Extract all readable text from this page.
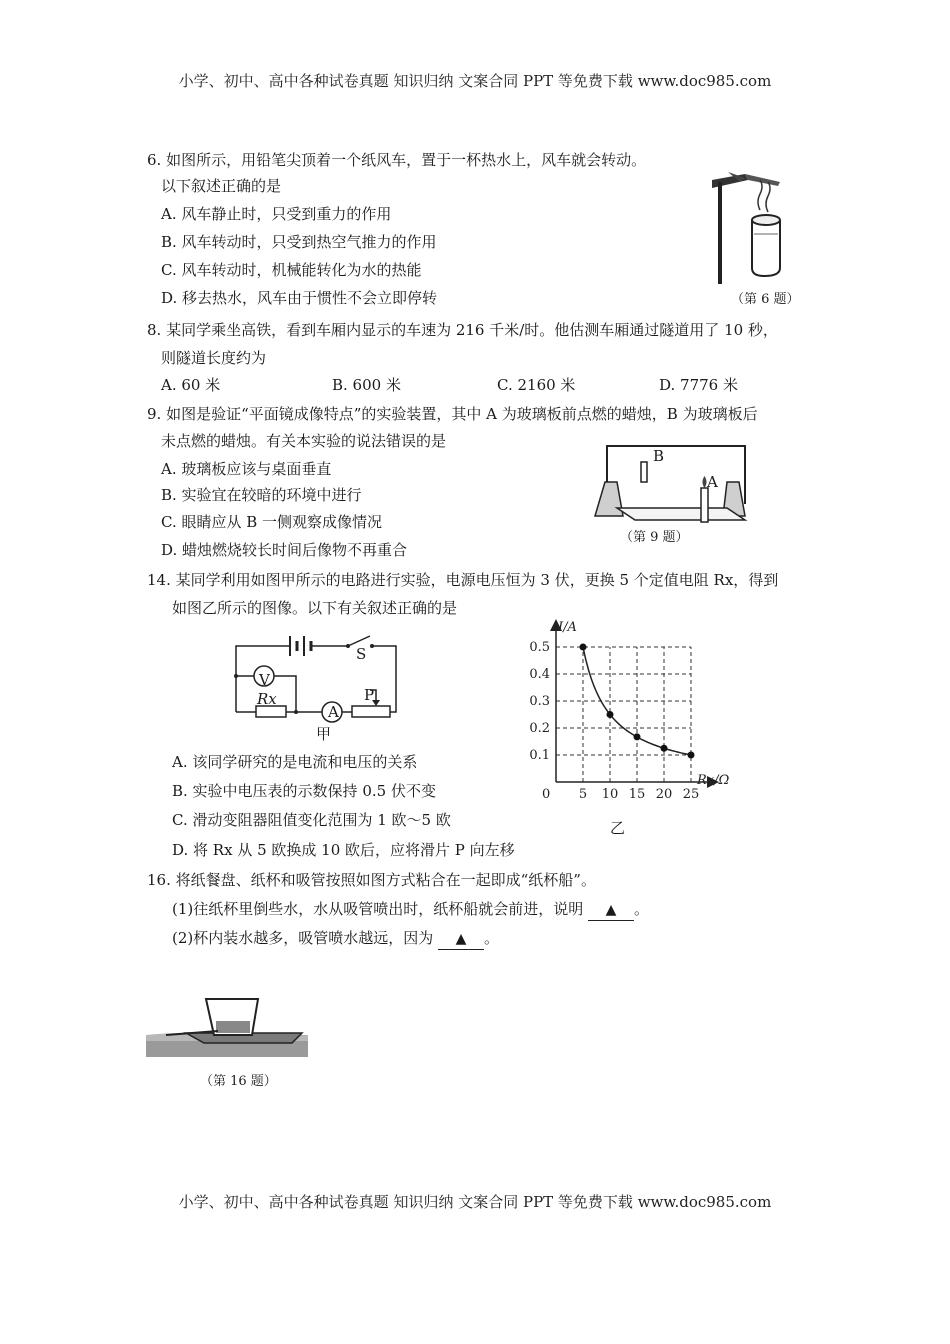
小学、初中、高中各种试卷真题 知识归纳 文案合同 PPT 等免费下载 www.doc985.com
小学、初中、高中各种试卷真题 知识归纳 文案合同 PPT 等免费下载 www.doc985.com
6. 如图所示，用铅笔尖顶着一个纸风车，置于一杯热水上，风车就会转动。
以下叙述正确的是
A. 风车静止时，只受到重力的作用
B. 风车转动时，只受到热空气推力的作用
C. 风车转动时，机械能转化为水的热能
D. 移去热水，风车由于惯性不会立即停转	（第 6 题）
8. 某同学乘坐高铁，看到车厢内显示的车速为 216 千米/时。他估测车厢通过隧道用了 10 秒，
则隧道长度约为
A. 60 米	B. 600 米	C. 2160 米	D. 7776 米
9. 如图是验证“平面镜成像特点”的实验装置，其中 A 为玻璃板前点燃的蜡烛，B 为玻璃板后
未点燃的蜡烛。有关本实验的说法错误的是
A. 玻璃板应该与桌面垂直
B. 实验宜在较暗的环境中进行
C. 眼睛应从 B 一侧观察成像情况
D. 蜡烛燃烧较长时间后像物不再重合
B
A
（第 9 题）
14. 某同学利用如图甲所示的电路进行实验，电源电压恒为 3 伏，更换 5 个定值电阻 Rx，得到
如图乙所示的图像。以下有关叙述正确的是
V
A
Rx
S
P
甲
A. 该同学研究的是电流和电压的关系
B. 实验中电压表的示数保持 0.5 伏不变
C. 滑动变阻器阻值变化范围为 1 欧～5 欧
D. 将 Rx 从 5 欧换成 10 欧后，应将滑片 P 向左移
5 10 15 20 25
0.1
0.2
0.3
0.4
0.5
Rx/Ω
I/A
0
乙
16. 将纸餐盘、纸杯和吸管按照如图方式粘合在一起即成“纸杯船”。
(1)往纸杯里倒些水，水从吸管喷出时，纸杯船就会前进，说明 ▲ 。
(2)杯内装水越多，吸管喷水越远，因为 ▲ 。
（第 16 题）
